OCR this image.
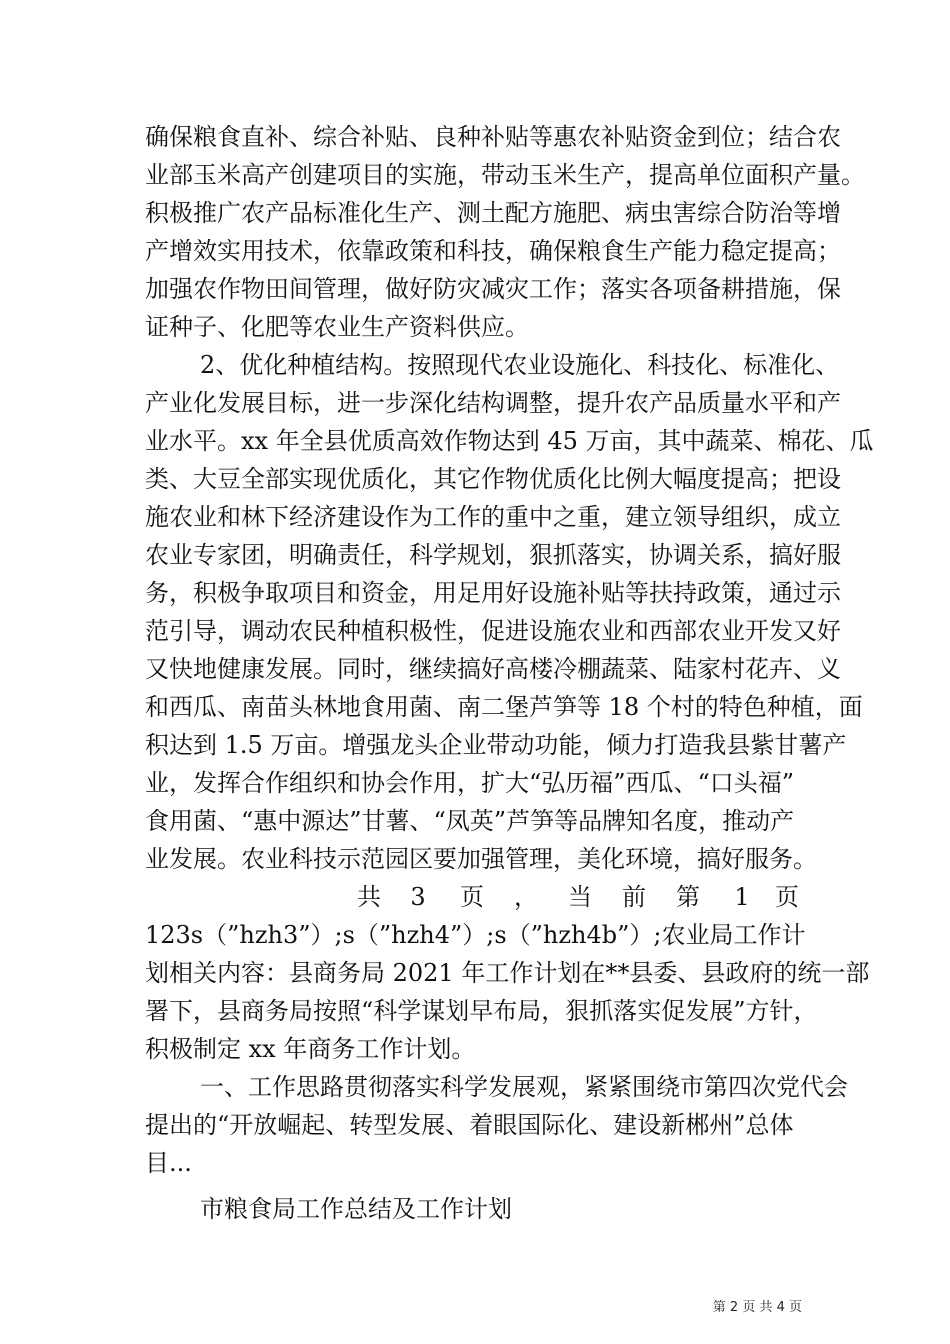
确保粮食直补、综合补贴、良种补贴等惠农补贴资金到位；结合农
业部玉米高产创建项目的实施，带动玉米生产，提高单位面积产量。
积极推广农产品标准化生产、测土配方施肥、病虫害综合防治等增
产增效实用技术，依靠政策和科技，确保粮食生产能力稳定提高；
加强农作物田间管理，做好防灾减灾工作；落实各项备耕措施，保
证种子、化肥等农业生产资料供应。
2、优化种植结构。按照现代农业设施化、科技化、标准化、
产业化发展目标，进一步深化结构调整，提升农产品质量水平和产
业水平。xx 年全县优质高效作物达到 45 万亩，其中蔬菜、棉花、瓜
类、大豆全部实现优质化，其它作物优质化比例大幅度提高；把设
施农业和林下经济建设作为工作的重中之重，建立领导组织，成立
农业专家团，明确责任，科学规划，狠抓落实，协调关系，搞好服
务，积极争取项目和资金，用足用好设施补贴等扶持政策，通过示
范引导，调动农民种植积极性，促进设施农业和西部农业开发又好
又快地健康发展。同时，继续搞好高楼冷棚蔬菜、陆家村花卉、义
和西瓜、南苗头林地食用菌、南二堡芦笋等 18 个村的特色种植，面
积达到 1.5 万亩。增强龙头企业带动功能，倾力打造我县紫甘薯产
业，发挥合作组织和协会作用，扩大“弘历福”西瓜、“口头福”
食用菌、“惠中源达”甘薯、“凤英”芦笋等品牌知名度，推动产
业发展。农业科技示范园区要加强管理，美化环境，搞好服务。
共	3	页	，	当	前	第	1	页
123s（”hzh3”）;s（”hzh4”）;s（”hzh4b”）;农业局工作计
划相关内容：县商务局 2021 年工作计划在**县委、县政府的统一部
署下，县商务局按照“科学谋划早布局，狠抓落实促发展”方针，
积极制定 xx 年商务工作计划。
一、工作思路贯彻落实科学发展观，紧紧围绕市第四次党代会
提出的“开放崛起、转型发展、着眼国际化、建设新郴州”总体
目...
市粮食局工作总结及工作计划
第 2 页 共 4 页
